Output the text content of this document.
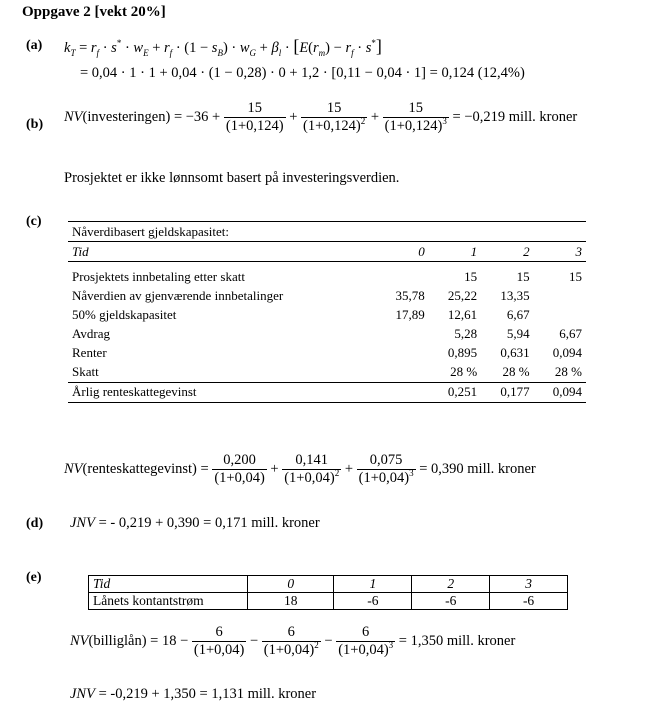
Oppgave 2 [vekt 20%]
(a) $k_T = r_f \cdot s^* \cdot w_E + r_f \cdot (1 - s_B) \cdot w_G + \beta_l \cdot [E(r_m) - r_f \cdot s^*]$
= 0,04 · 1 · 1 + 0,04 · (1 − 0,28) · 0 + 1,2 · [0,11 − 0,04 · 1] = 0,124 (12,4%)
(b) NV(investeringen) = $-36 + \frac{15}{(1+0,124)} + \frac{15}{(1+0,124)^2} + \frac{15}{(1+0,124)^3} = -0,219$ mill. kroner
Prosjektet er ikke lønnsomt basert på investeringsverdien.
(c)
Nåverdibasert gjeldskapasitet:				
Tid	0	1	2	3

Prosjektets innbetaling etter skatt		15	15	15
Nåverdien av gjenværende innbetalinger	35,78	25,22	13,35	
50% gjeldskapasitet	17,89	12,61	6,67	
Avdrag		5,28	5,94	6,67
Renter		0,895	0,631	0,094
Skatt		28 %	28 %	28 %
Årlig renteskattegevinst		0,251	0,177	0,094
NV(renteskattegevinst) = $\frac{0,200}{(1+0,04)} + \frac{0,141}{(1+0,04)^2} + \frac{0,075}{(1+0,04)^3} = 0,390$ mill. kroner
(d) JNV = - 0,219 + 0,390 = 0,171 mill. kroner
(e)	Tid	0	1	2	3
Lånets kontantstrøm	18	-6	-6	-6
NV(billiglån) = $18 - \frac{6}{(1+0,04)} - \frac{6}{(1+0,04)^2} - \frac{6}{(1+0,04)^3} = 1,350$ mill. kroner
JNV = -0,219 + 1,350 = 1,131 mill. kroner
